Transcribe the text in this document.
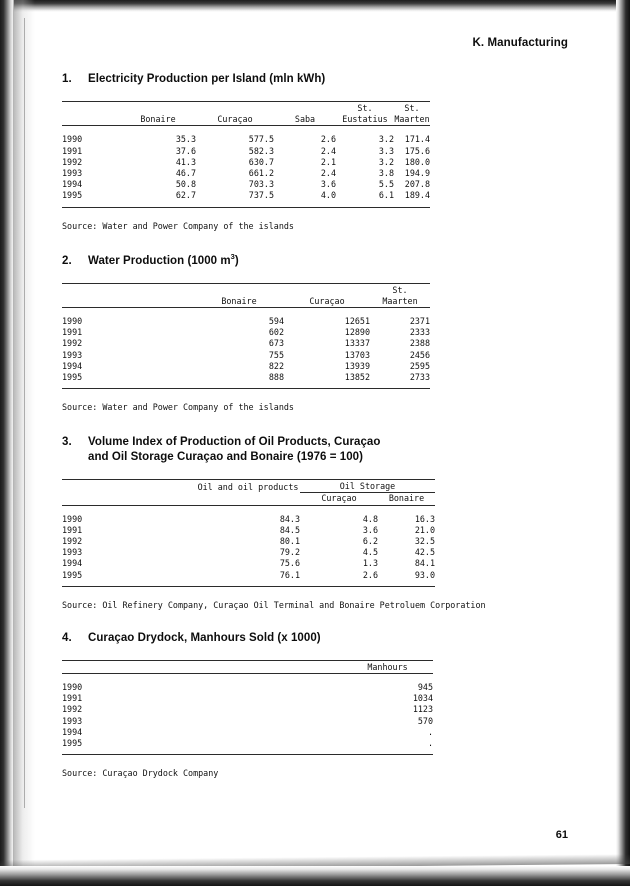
K. Manufacturing
1. Electricity Production per Island (mln kWh)

	Bonaire	Curaçao	Saba	St.
Eustatius	St.
Maarten

1990	35.3	577.5	2.6	3.2	171.4
1991	37.6	582.3	2.4	3.3	175.6
1992	41.3	630.7	2.1	3.2	180.0
1993	46.7	661.2	2.4	3.8	194.9
1994	50.8	703.3	3.6	5.5	207.8
1995	62.7	737.5	4.0	6.1	189.4

Source: Water and Power Company of the islands
2. Water Production (1000 $m^3$)

	Bonaire	Curaçao	St.
Maarten

1990	594	12651	2371
1991	602	12890	2333
1992	673	13337	2388
1993	755	13703	2456
1994	822	13939	2595
1995	888	13852	2733

Source: Water and Power Company of the islands
3. Volume Index of Production of Oil Products, Curaçao
and Oil Storage Curaçao and Bonaire (1976 = 100)

	Oil and oil products	Oil Storage	

		Curaçao	Bonaire

1990	84.3	4.8	16.3
1991	84.5	3.6	21.0
1992	80.1	6.2	32.5
1993	79.2	4.5	42.5
1994	75.6	1.3	84.1
1995	76.1	2.6	93.0

Source: Oil Refinery Company, Curaçao Oil Terminal and Bonaire Petroluem Corporation
4. Curaçao Drydock, Manhours Sold (x 1000)

	Manhours

1990	945
1991	1034
1992	1123
1993	570
1994	.
1995	.

Source: Curaçao Drydock Company
61
